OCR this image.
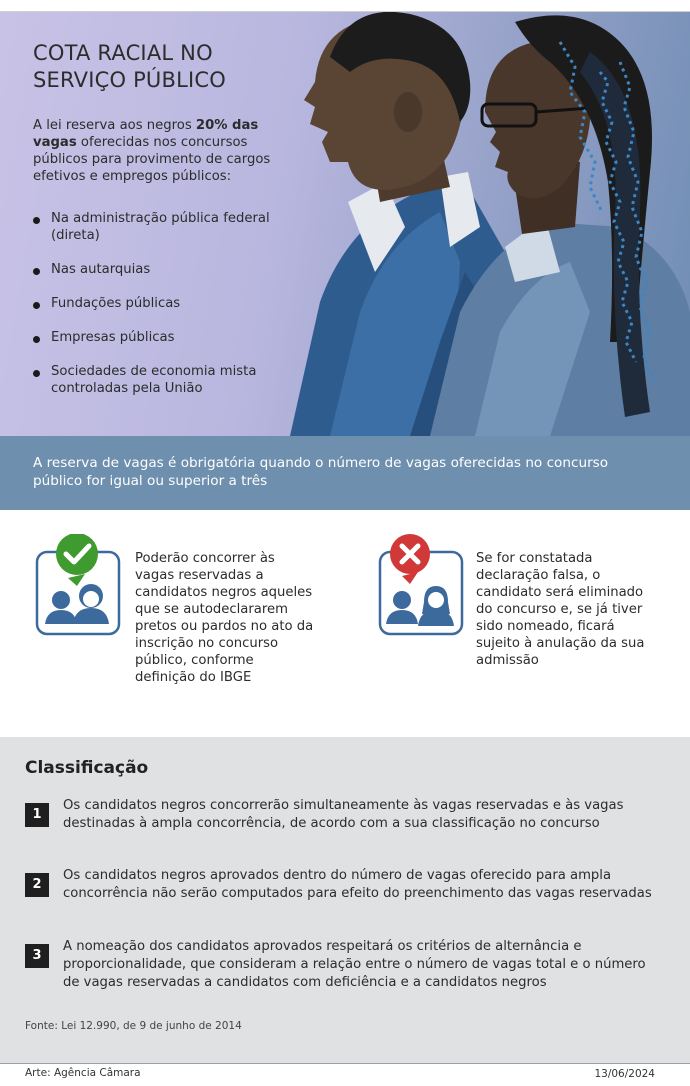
COTA RACIAL NO
SERVIÇO PÚBLICO

A lei reserva aos negros 20% das vagas oferecidas nos concursos públicos para provimento de cargos efetivos e empregos públicos:

Na administração pública federal (direta)
Nas autarquias
Fundações públicas
Empresas públicas
Sociedades de economia mista controladas pela União

A reserva de vagas é obrigatória quando o número de vagas oferecidas no concurso público for igual ou superior a três

Poderão concorrer às vagas reservadas a candidatos negros aqueles que se autodeclararem pretos ou pardos no ato da inscrição no concurso público, conforme definição do IBGE

Se for constatada declaração falsa, o candidato será eliminado do concurso e, se já tiver sido nomeado, ficará sujeito à anulação da sua admissão

Classificação
1

Os candidatos negros concorrerão simultaneamente às vagas reservadas e às vagas destinadas à ampla concorrência, de acordo com a sua classificação no concurso

2

Os candidatos negros aprovados dentro do número de vagas oferecido para ampla concorrência não serão computados para efeito do preenchimento das vagas reservadas

3

A nomeação dos candidatos aprovados respeitará os critérios de alternância e proporcionalidade, que consideram a relação entre o número de vagas total e o número de vagas reservadas a candidatos com deficiência e a candidatos negros

Fonte: Lei 12.990, de 9 de junho de 2014

Arte: Agência Câmara	13/06/2024
